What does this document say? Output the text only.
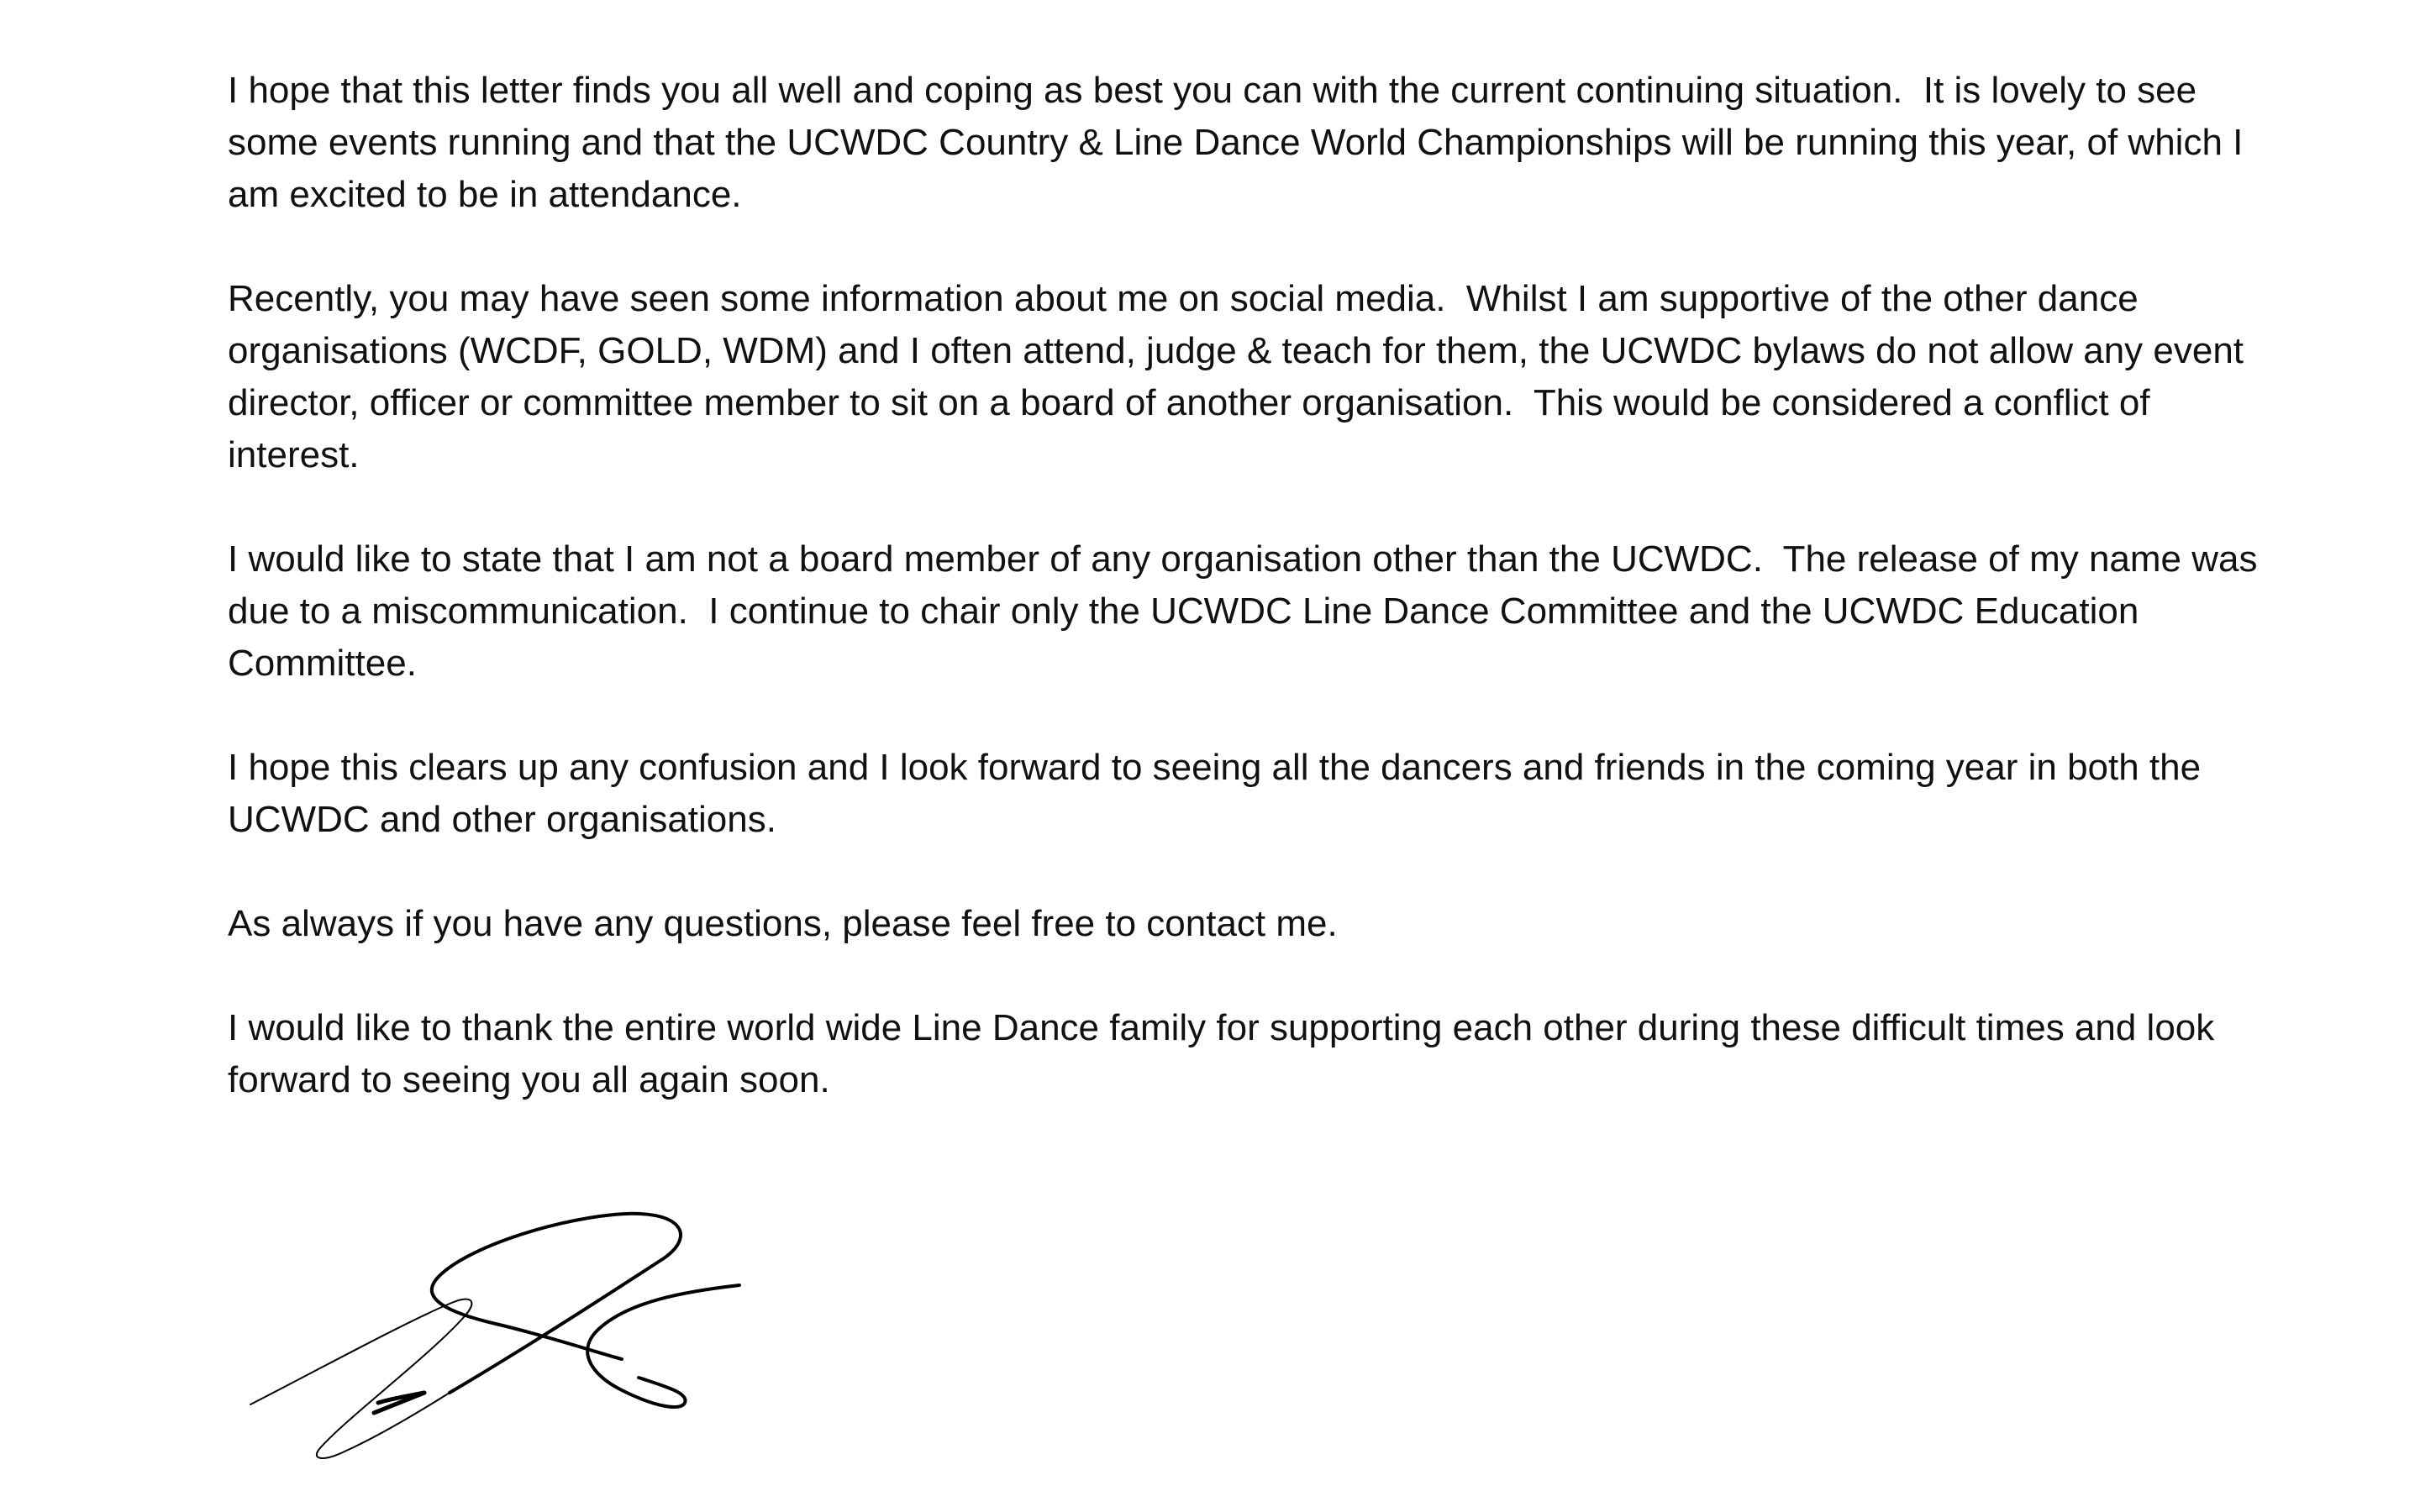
I hope that this letter finds you all well and coping as best you can with the current continuing situation.  It is lovely to see some events running and that the UCWDC Country & Line Dance World Championships will be running this year, of which I am excited to be in attendance.

Recently, you may have seen some information about me on social media.  Whilst I am supportive of the other dance organisations (WCDF, GOLD, WDM) and I often attend, judge & teach for them, the UCWDC bylaws do not allow any event director, officer or committee member to sit on a board of another organisation.  This would be considered a conflict of interest.

I would like to state that I am not a board member of any organisation other than the UCWDC.  The release of my name was due to a miscommunication.  I continue to chair only the UCWDC Line Dance Committee and the UCWDC Education Committee.

I hope this clears up any confusion and I look forward to seeing all the dancers and friends in the coming year in both the UCWDC and other organisations.

As always if you have any questions, please feel free to contact me.

I would like to thank the entire world wide Line Dance family for supporting each other during these difficult times and look forward to seeing you all again soon.
